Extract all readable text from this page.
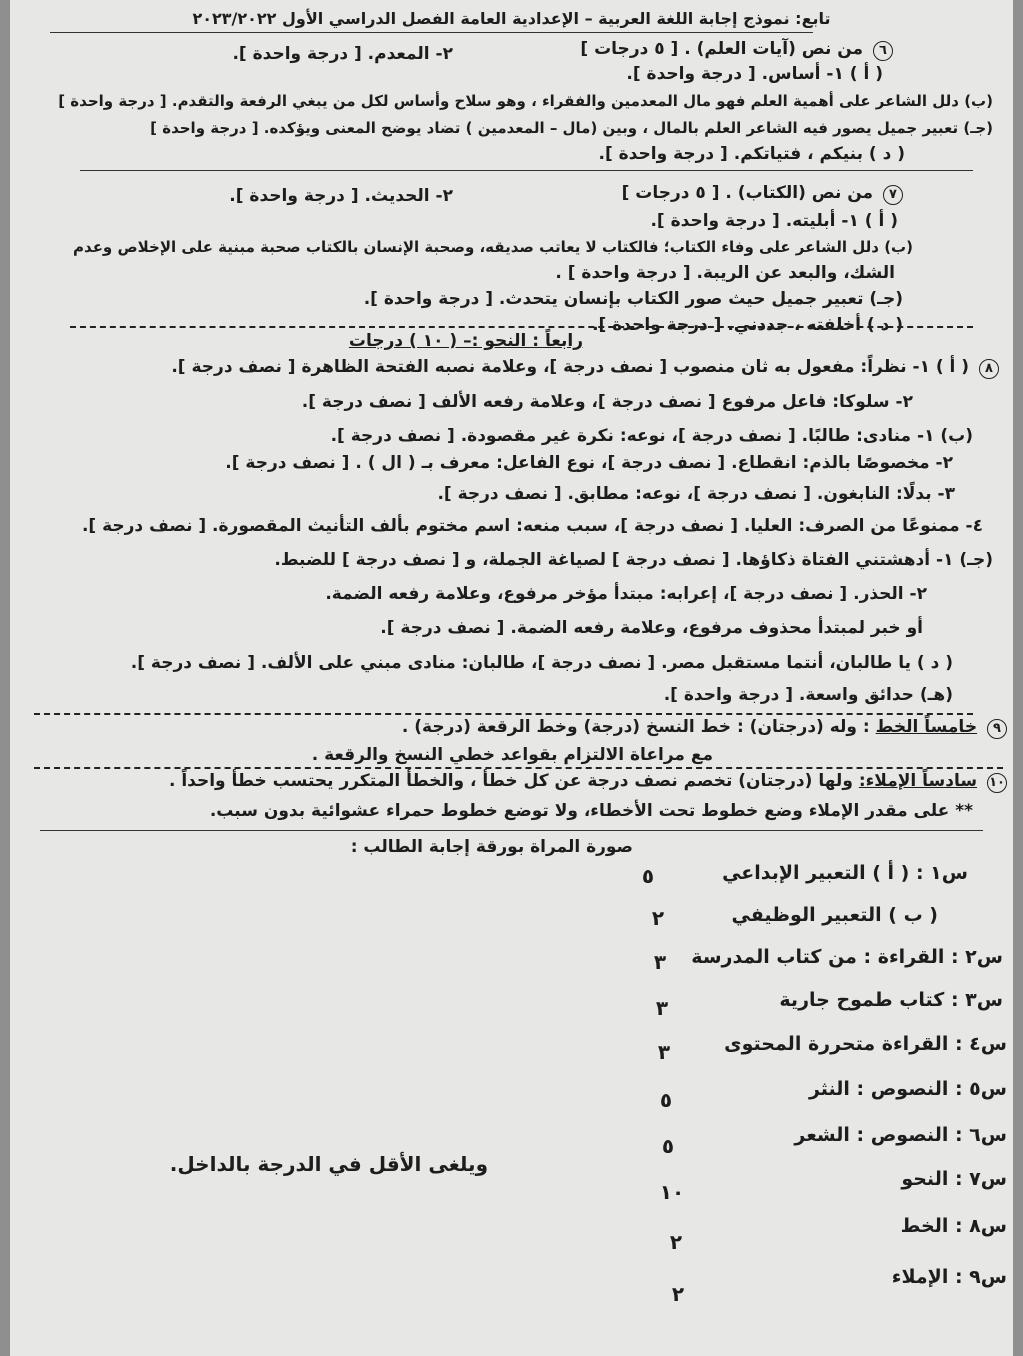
تابع: نموذج إجابة اللغة العربية – الإعدادية العامة الفصل الدراسي الأول ٢٠٢٣/٢٠٢٢
٦ من نص (آيات العلم) . [ ٥ درجات ]
( أ ) ١- أساس. [ درجة واحدة ].
٢- المعدم. [ درجة واحدة ].
(ب) دلل الشاعر على أهمية العلم فهو مال المعدمين والفقراء ، وهو سلاح وأساس لكل من يبغي الرفعة والتقدم. [ درجة واحدة ]
(جـ) تعبير جميل يصور فيه الشاعر العلم بالمال ، وبين (مال – المعدمين ) تضاد يوضح المعنى ويؤكده. [ درجة واحدة ]
( د ) بنيكم ، فتياتكم. [ درجة واحدة ].
٧ من نص (الكتاب) . [ ٥ درجات ]
٢- الحديث. [ درجة واحدة ].
( أ ) ١- أبليته. [ درجة واحدة ].
(ب) دلل الشاعر على وفاء الكتاب؛ فالكتاب لا يعاتب صديقه، وصحبة الإنسان بالكتاب صحبة مبنية على الإخلاص وعدم
الشك، والبعد عن الريبة. [ درجة واحدة ] .
(جـ) تعبير جميل حيث صور الكتاب بإنسان يتحدث. [ درجة واحدة ].
( د ) أخلفته ، جددني. [ درجة واحدة ].
رابعاً : النحو :– ( ١٠ ) درجات
٨ ( أ ) ١- نظراً: مفعول به ثان منصوب [ نصف درجة ]، وعلامة نصبه الفتحة الظاهرة [ نصف درجة ].
٢- سلوكا: فاعل مرفوع [ نصف درجة ]، وعلامة رفعه الألف [ نصف درجة ].
(ب) ١- منادى: طالبًا. [ نصف درجة ]، نوعه: نكرة غير مقصودة. [ نصف درجة ].
٢- مخصوصًا بالذم: انقطاع. [ نصف درجة ]، نوع الفاعل: معرف بـ ( ال ) . [ نصف درجة ].
٣- بدلًا: النابغون. [ نصف درجة ]، نوعه: مطابق. [ نصف درجة ].
٤- ممنوعًا من الصرف: العليا. [ نصف درجة ]، سبب منعه: اسم مختوم بألف التأنيث المقصورة. [ نصف درجة ].
(جـ) ١- أدهشتني الفتاة ذكاؤها. [ نصف درجة ] لصياغة الجملة، و [ نصف درجة ] للضبط.
٢- الحذر. [ نصف درجة ]، إعرابه: مبتدأ مؤخر مرفوع، وعلامة رفعه الضمة.
أو خبر لمبتدأ محذوف مرفوع، وعلامة رفعه الضمة. [ نصف درجة ].
( د ) يا طالبان، أنتما مستقبل مصر. [ نصف درجة ]، طالبان: منادى مبني على الألف. [ نصف درجة ].
(هـ) حدائق واسعة. [ درجة واحدة ].
٩ خامساً الخط : وله (درجتان) : خط النسخ (درجة) وخط الرقعة (درجة) .
مع مراعاة الالتزام بقواعد خطي النسخ والرقعة .
١٠ سادساً الإملاء: ولها (درجتان) تخصم نصف درجة عن كل خطأ ، والخطأ المتكرر يحتسب خطأ واحداً .
** على مقدر الإملاء وضع خطوط تحت الأخطاء، ولا توضع خطوط حمراء عشوائية بدون سبب.
صورة المراة بورقة إجابة الطالب :
س١ : ( أ ) التعبير الإبداعي
٥
( ب ) التعبير الوظيفي
٢
س٢ : القراءة : من كتاب المدرسة
٣
س٣ : كتاب طموح جارية
٣
س٤ : القراءة متحررة المحتوى
٣
س٥ : النصوص : النثر
٥
س٦ : النصوص : الشعر
٥
س٧ : النحو
١٠
س٨ : الخط
٢
س٩ : الإملاء
٢
ويلغى الأقل في الدرجة بالداخل.
